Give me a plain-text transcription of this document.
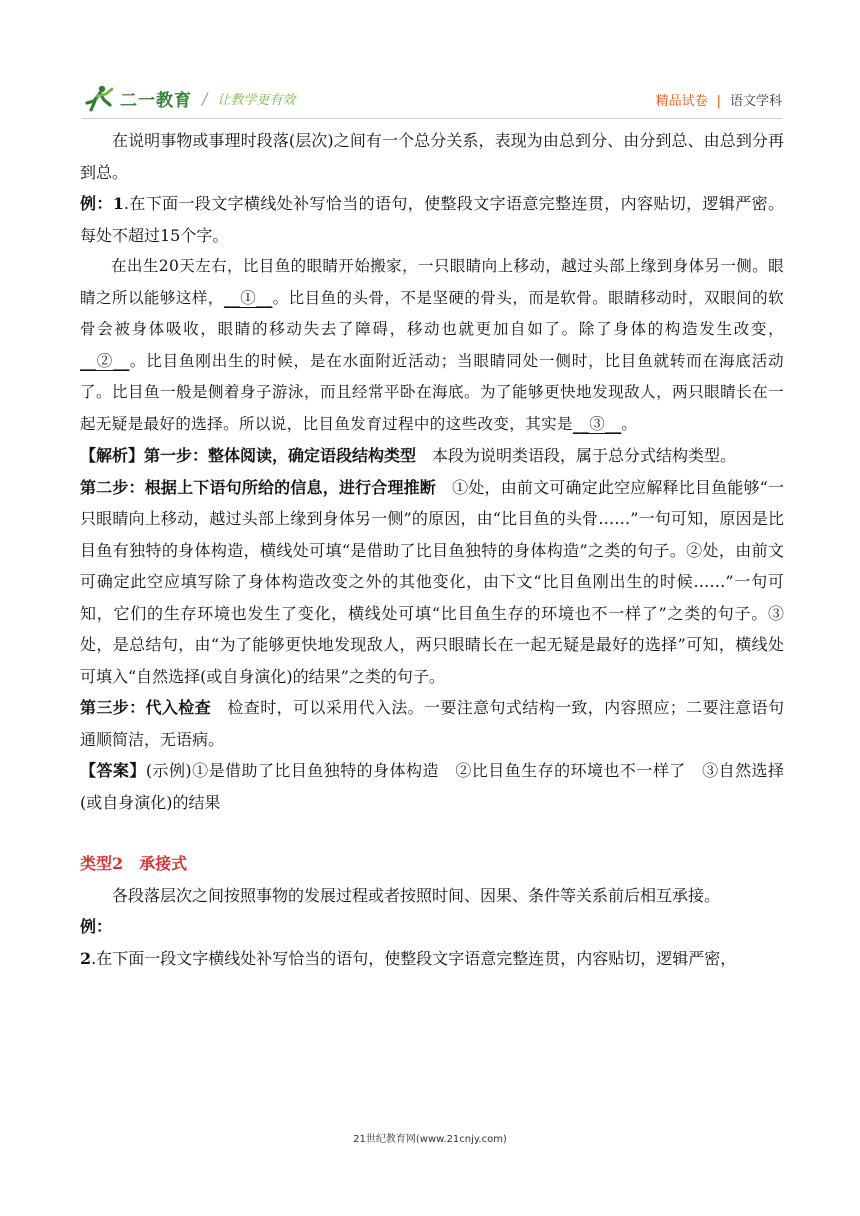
二一教育 / 让教学更有效	精品试卷 | 语文学科

在说明事物或事理时段落(层次)之间有一个总分关系，表现为由总到分、由分到总、由总到分再到总。

例：1.在下面一段文字横线处补写恰当的语句，使整段文字语意完整连贯，内容贴切，逻辑严密。每处不超过15个字。

在出生20天左右，比目鱼的眼睛开始搬家，一只眼睛向上移动，越过头部上缘到身体另一侧。眼睛之所以能够这样，__①__。比目鱼的头骨，不是坚硬的骨头，而是软骨。眼睛移动时，双眼间的软骨会被身体吸收，眼睛的移动失去了障碍，移动也就更加自如了。除了身体的构造发生改变，__②__。比目鱼刚出生的时候，是在水面附近活动；当眼睛同处一侧时，比目鱼就转而在海底活动了。比目鱼一般是侧着身子游泳，而且经常平卧在海底。为了能够更快地发现敌人，两只眼睛长在一起无疑是最好的选择。所以说，比目鱼发育过程中的这些改变，其实是__③__。

【解析】第一步：整体阅读，确定语段结构类型　本段为说明类语段，属于总分式结构类型。

第二步：根据上下语句所给的信息，进行合理推断　①处，由前文可确定此空应解释比目鱼能够“一只眼睛向上移动，越过头部上缘到身体另一侧”的原因，由“比目鱼的头骨……”一句可知，原因是比目鱼有独特的身体构造，横线处可填“是借助了比目鱼独特的身体构造”之类的句子。②处，由前文可确定此空应填写除了身体构造改变之外的其他变化，由下文“比目鱼刚出生的时候……”一句可知，它们的生存环境也发生了变化，横线处可填“比目鱼生存的环境也不一样了”之类的句子。③处，是总结句，由“为了能够更快地发现敌人，两只眼睛长在一起无疑是最好的选择”可知，横线处可填入“自然选择(或自身演化)的结果”之类的句子。

第三步：代入检查　检查时，可以采用代入法。一要注意句式结构一致，内容照应；二要注意语句通顺简洁，无语病。

【答案】(示例)①是借助了比目鱼独特的身体构造　②比目鱼生存的环境也不一样了　③自然选择(或自身演化)的结果

类型2　承接式

各段落层次之间按照事物的发展过程或者按照时间、因果、条件等关系前后相互承接。

例：

2.在下面一段文字横线处补写恰当的语句，使整段文字语意完整连贯，内容贴切，逻辑严密，

21世纪教育网(www.21cnjy.com)
